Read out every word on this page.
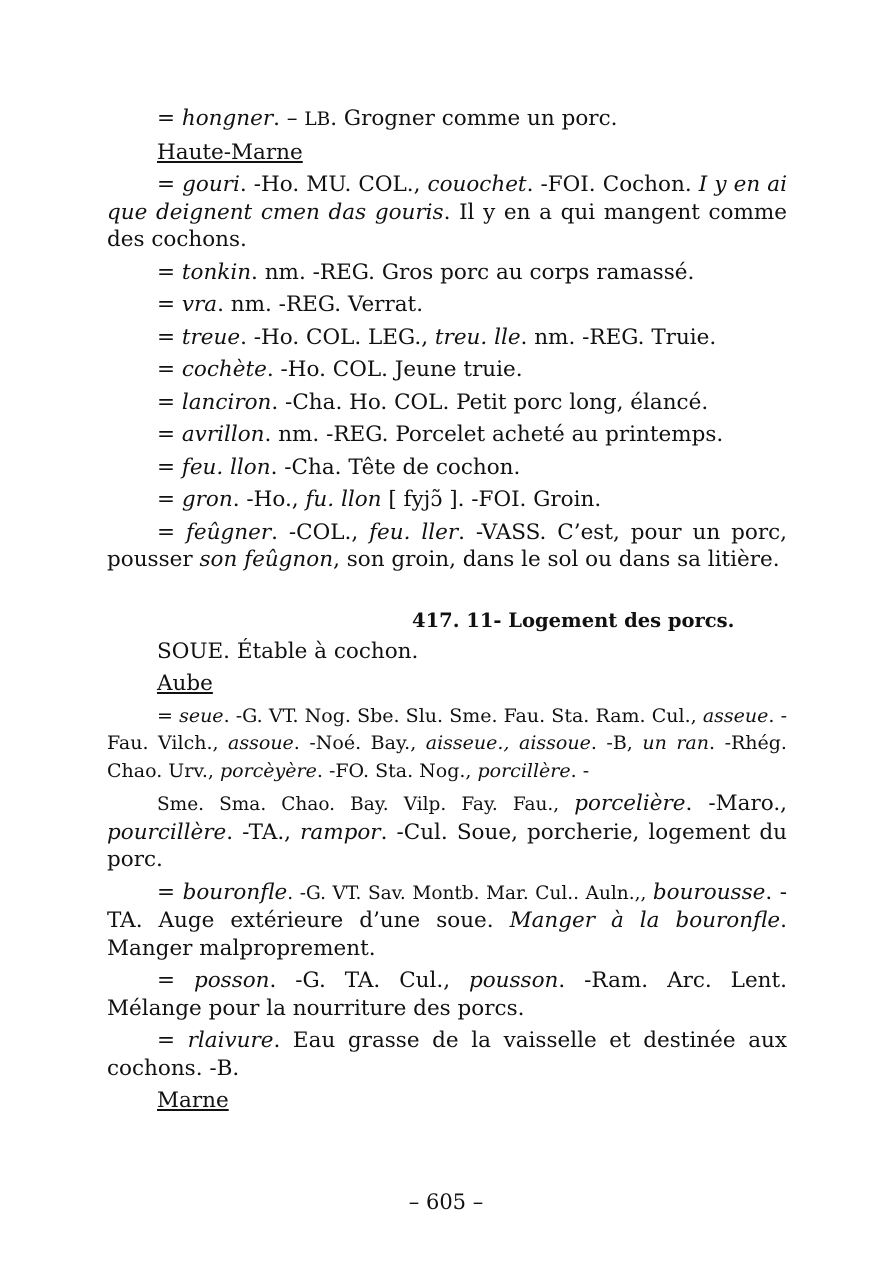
= hongner. – LB. Grogner comme un porc.

Haute-Marne

= gouri. -Ho. MU. COL., couochet. -FOI. Cochon. I y en ai que deignent cmen das gouris. Il y en a qui mangent comme des cochons.

= tonkin. nm. -REG. Gros porc au corps ramassé.

= vra. nm. -REG. Verrat.

= treue. -Ho. COL. LEG., treu. lle. nm. -REG. Truie.

= cochète. -Ho. COL. Jeune truie.

= lanciron. -Cha. Ho. COL. Petit porc long, élancé.

= avrillon. nm. -REG. Porcelet acheté au printemps.

= feu. llon. -Cha. Tête de cochon.

= gron. -Ho., fu. llon [ fyjɔ̃ ]. -FOI. Groin.

= feûgner. -COL., feu. ller. -VASS. C’est, pour un porc, pousser son feûgnon, son groin, dans le sol ou dans sa litière.

417. 11- Logement des porcs.

SOUE. Étable à cochon.

Aube

= seue. -G. VT. Nog. Sbe. Slu. Sme. Fau. Sta. Ram. Cul., asseue. -Fau. Vilch., assoue. -Noé. Bay., aisseue., aissoue. -B, un ran. -Rhég. Chao. Urv., porcèyère. -FO. Sta. Nog., porcillère. -

Sme. Sma. Chao. Bay. Vilp. Fay. Fau., porcelière. -Maro., pourcillère. -TA., rampor. -Cul. Soue, porcherie, logement du porc.

= bouronfle. -G. VT. Sav. Montb. Mar. Cul.. Auln.,, bourousse. -TA. Auge extérieure d’une soue. Manger à la bouronfle. Manger malproprement.

= posson. -G. TA. Cul., pousson. -Ram. Arc. Lent. Mélange pour la nourriture des porcs.

= rlaivure. Eau grasse de la vaisselle et destinée aux cochons. -B.

Marne

– 605 –
